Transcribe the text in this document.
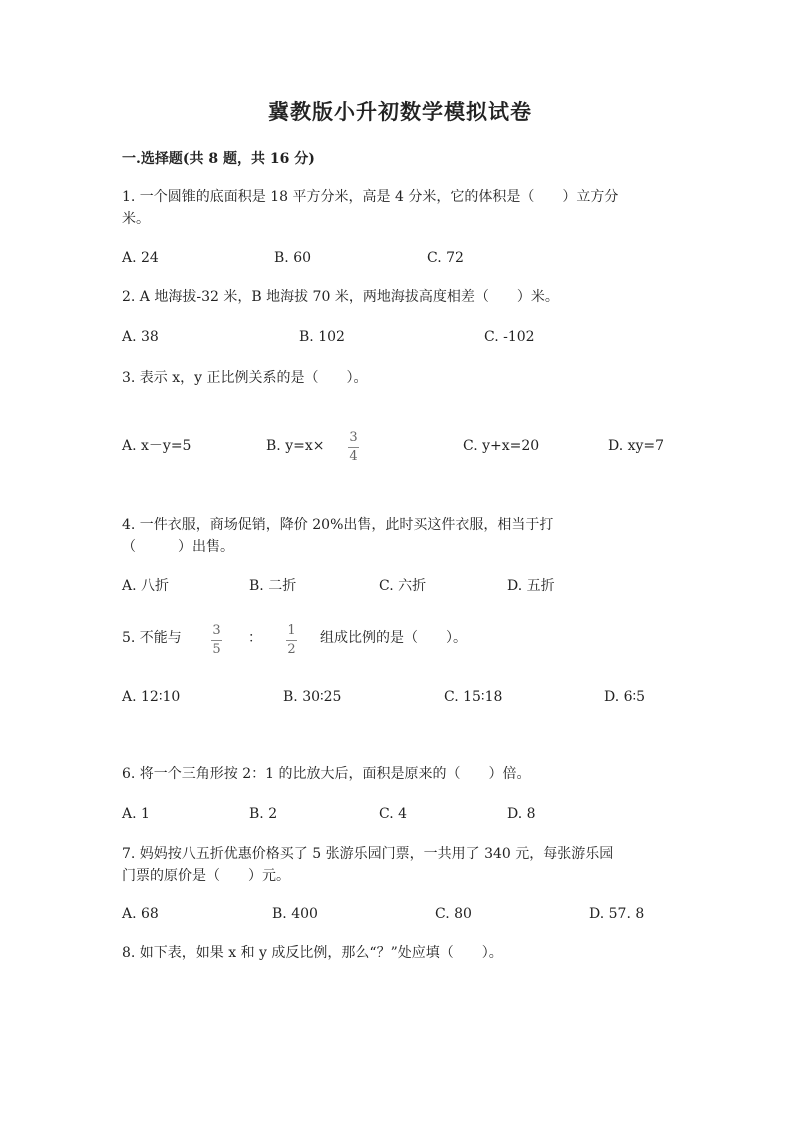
冀教版小升初数学模拟试卷
一.选择题(共 8 题，共 16 分)
1. 一个圆锥的底面积是 18 平方分米，高是 4 分米，它的体积是（　　）立方分
米。
A. 24	B. 60	C. 72
2. A 地海拔-32 米，B 地海拔 70 米，两地海拔高度相差（　　）米。
A. 38	B. 102	C. -102
3. 表示 x，y 正比例关系的是（　　）。
A. x－y=5	B. y=x×
3
4
C. y+x=20	D. xy=7
4. 一件衣服，商场促销，降价 20%出售，此时买这件衣服，相当于打
（　　　）出售。
A. 八折	B. 二折	C. 六折	D. 五折
5. 不能与 3
5
： 1
2
组成比例的是（　　）。
A. 12∶10	B. 30∶25	C. 15∶18	D. 6∶5
6. 将一个三角形按 2：1 的比放大后，面积是原来的（　　）倍。
A. 1	B. 2	C. 4	D. 8
7. 妈妈按八五折优惠价格买了 5 张游乐园门票，一共用了 340 元，每张游乐园
门票的原价是（　　）元。
A. 68	B. 400	C. 80	D. 57. 8
8. 如下表，如果 x 和 y 成反比例，那么“？”处应填（　　）。
